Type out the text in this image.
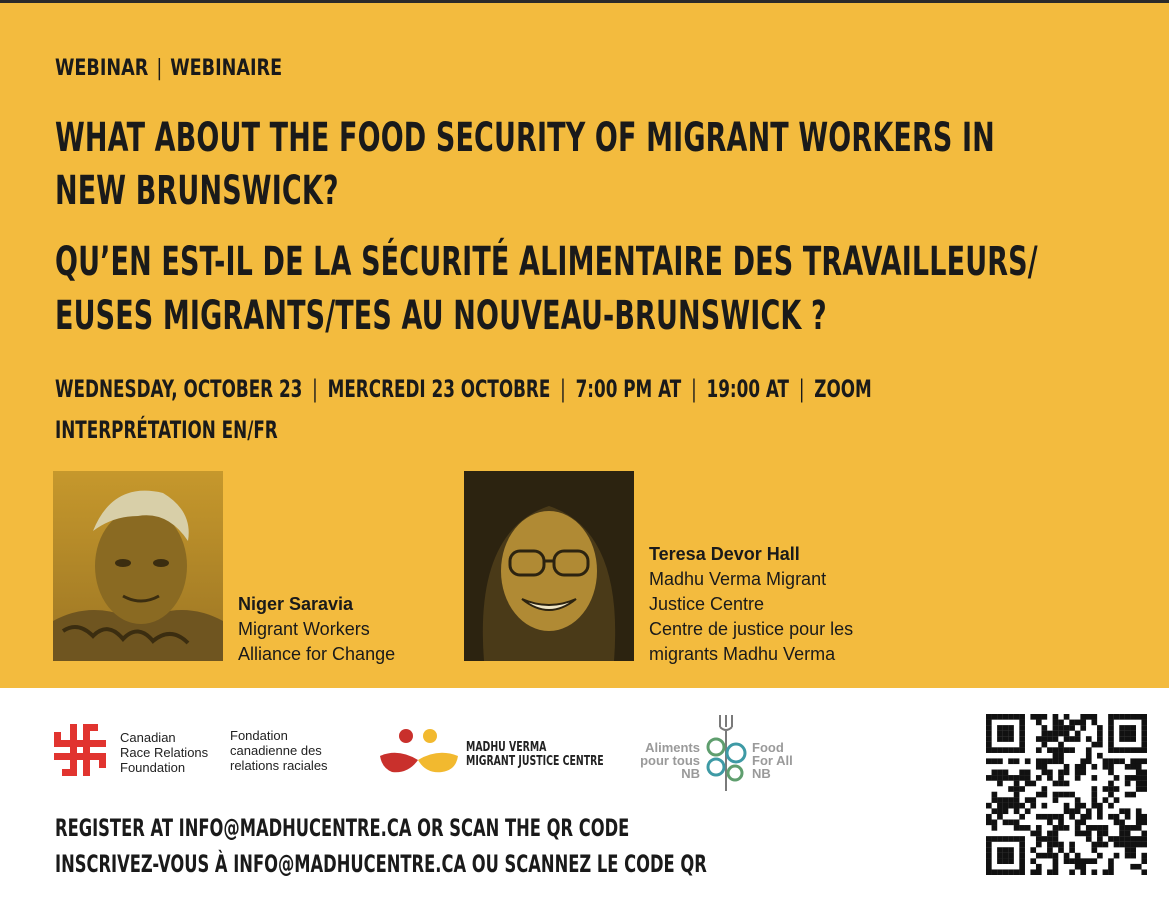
WEBINAR | WEBINAIRE
WHAT ABOUT THE FOOD SECURITY OF MIGRANT WORKERS IN
NEW BRUNSWICK?
QU’EN EST-IL DE LA SÉCURITÉ ALIMENTAIRE DES TRAVAILLEURS/
EUSES MIGRANTS/TES AU NOUVEAU-BRUNSWICK ?
WEDNESDAY, OCTOBER 23 | MERCREDI 23 OCTOBRE | 7:00 PM AT | 19:00 AT | ZOOM
INTERPRÉTATION EN/FR
Niger Saravia
Migrant Workers
Alliance for Change
Teresa Devor Hall
Madhu Verma Migrant
Justice Centre
Centre de justice pour les
migrants Madhu Verma
Canadian
Race Relations
Foundation
Fondation
canadienne des
relations raciales
MADHU VERMA
MIGRANT JUSTICE CENTRE
Aliments
pour tous
NB
Food
For All
NB
REGISTER AT INFO@MADHUCENTRE.CA OR SCAN THE QR CODE
INSCRIVEZ-VOUS À INFO@MADHUCENTRE.CA OU SCANNEZ LE CODE QR
